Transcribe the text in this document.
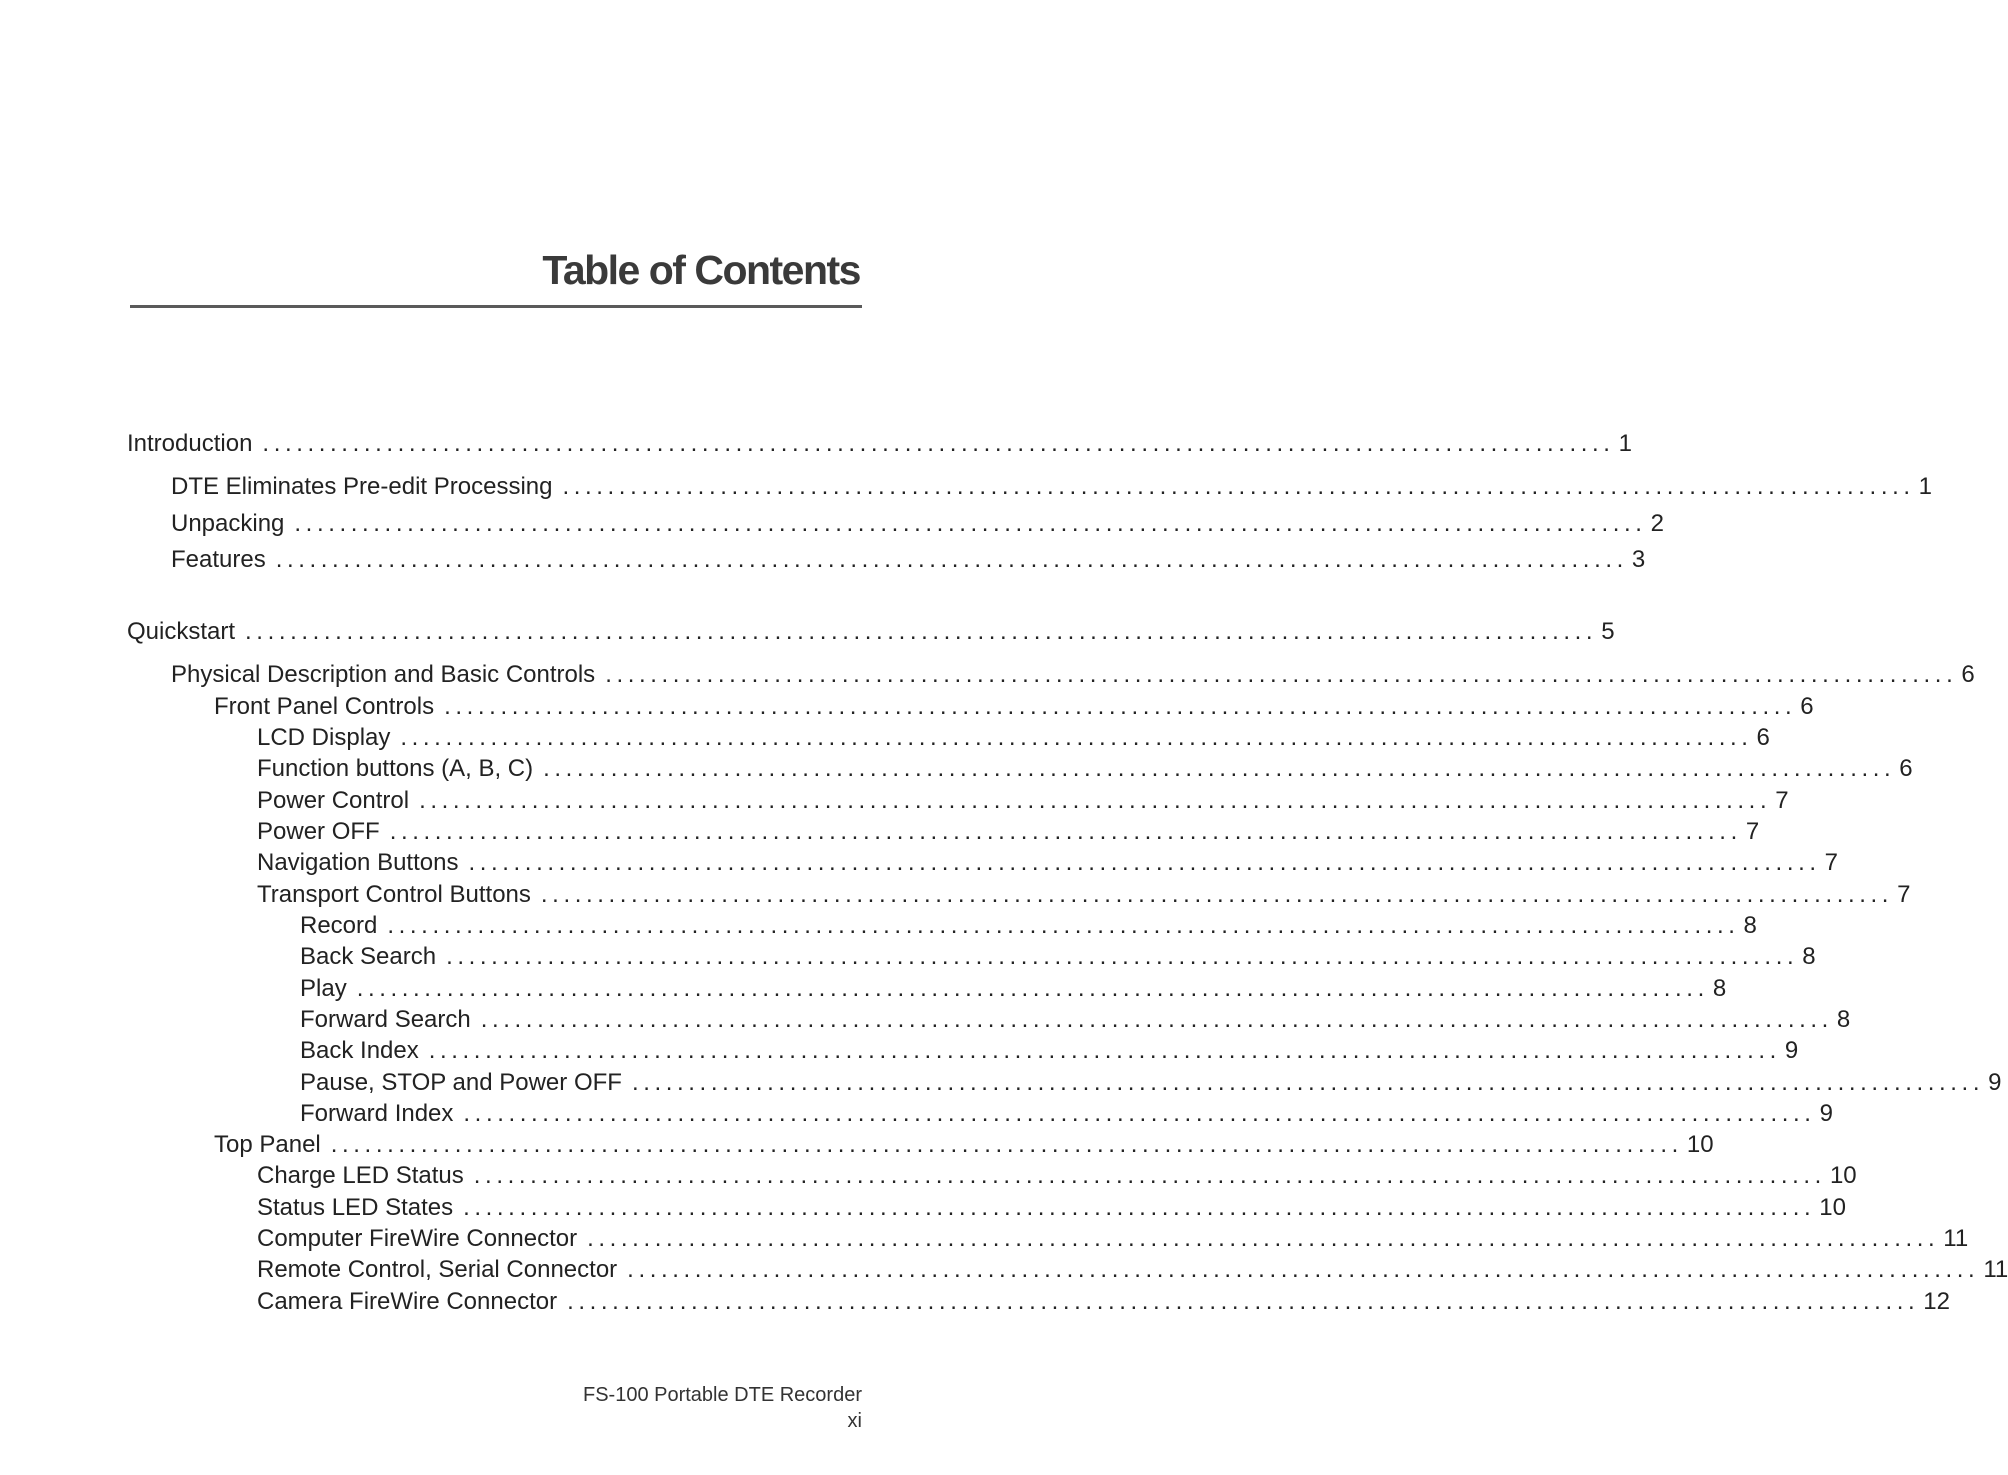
Table of Contents
Introduction ........................................................................................................................ 1
DTE Eliminates Pre-edit Processing ........................................................................................................................ 1
Unpacking ........................................................................................................................ 2
Features ........................................................................................................................ 3
Quickstart ........................................................................................................................ 5
Physical Description and Basic Controls ........................................................................................................................ 6
Front Panel Controls ........................................................................................................................ 6
LCD Display ........................................................................................................................ 6
Function buttons (A, B, C) ........................................................................................................................ 6
Power Control ........................................................................................................................ 7
Power OFF ........................................................................................................................ 7
Navigation Buttons ........................................................................................................................ 7
Transport Control Buttons ........................................................................................................................ 7
Record ........................................................................................................................ 8
Back Search ........................................................................................................................ 8
Play ........................................................................................................................ 8
Forward Search ........................................................................................................................ 8
Back Index ........................................................................................................................ 9
Pause, STOP and Power OFF ........................................................................................................................ 9
Forward Index ........................................................................................................................ 9
Top Panel ........................................................................................................................ 10
Charge LED Status ........................................................................................................................ 10
Status LED States ........................................................................................................................ 10
Computer FireWire Connector ........................................................................................................................ 11
Remote Control, Serial Connector ........................................................................................................................ 11
Camera FireWire Connector ........................................................................................................................ 12
FS-100 Portable DTE Recorder
xi
